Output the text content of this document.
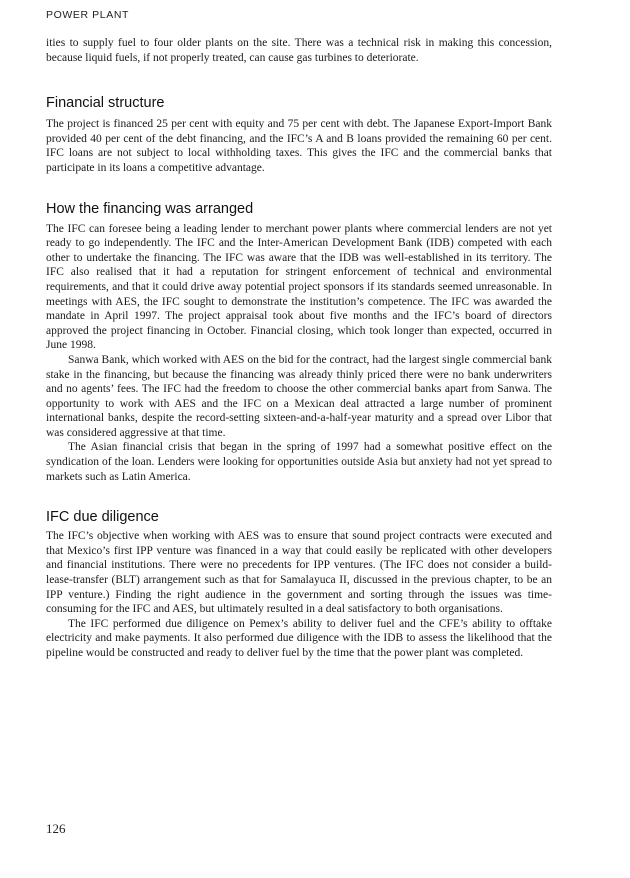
POWER PLANT

ities to supply fuel to four older plants on the site. There was a technical risk in making this concession, because liquid fuels, if not properly treated, can cause gas turbines to deteriorate.

Financial structure

The project is financed 25 per cent with equity and 75 per cent with debt. The Japanese Export-Import Bank provided 40 per cent of the debt financing, and the IFC’s A and B loans provided the remaining 60 per cent. IFC loans are not subject to local withholding taxes. This gives the IFC and the commercial banks that participate in its loans a competitive advantage.

How the financing was arranged

The IFC can foresee being a leading lender to merchant power plants where commercial lenders are not yet ready to go independently. The IFC and the Inter-American Development Bank (IDB) competed with each other to undertake the financing. The IFC was aware that the IDB was well-established in its territory. The IFC also realised that it had a reputation for stringent enforcement of technical and environmental requirements, and that it could drive away potential project sponsors if its standards seemed unreasonable. In meetings with AES, the IFC sought to demonstrate the institution’s competence. The IFC was awarded the mandate in April 1997. The project appraisal took about five months and the IFC’s board of directors approved the project financing in October. Financial closing, which took longer than expected, occurred in June 1998.

Sanwa Bank, which worked with AES on the bid for the contract, had the largest single commercial bank stake in the financing, but because the financing was already thinly priced there were no bank underwriters and no agents’ fees. The IFC had the freedom to choose the other commercial banks apart from Sanwa. The opportunity to work with AES and the IFC on a Mexican deal attracted a large number of prominent international banks, despite the record-setting sixteen-and-a-half-year maturity and a spread over Libor that was considered aggressive at that time.

The Asian financial crisis that began in the spring of 1997 had a somewhat positive effect on the syndication of the loan. Lenders were looking for opportunities outside Asia but anxiety had not yet spread to markets such as Latin America.

IFC due diligence

The IFC’s objective when working with AES was to ensure that sound project contracts were executed and that Mexico’s first IPP venture was financed in a way that could easily be replicated with other developers and financial institutions. There were no precedents for IPP ventures. (The IFC does not consider a build-lease-transfer (BLT) arrangement such as that for Samalayuca II, discussed in the previous chapter, to be an IPP venture.) Finding the right audience in the government and sorting through the issues was time-consuming for the IFC and AES, but ultimately resulted in a deal satisfactory to both organisations.

The IFC performed due diligence on Pemex’s ability to deliver fuel and the CFE’s ability to offtake electricity and make payments. It also performed due diligence with the IDB to assess the likelihood that the pipeline would be constructed and ready to deliver fuel by the time that the power plant was completed.

126
